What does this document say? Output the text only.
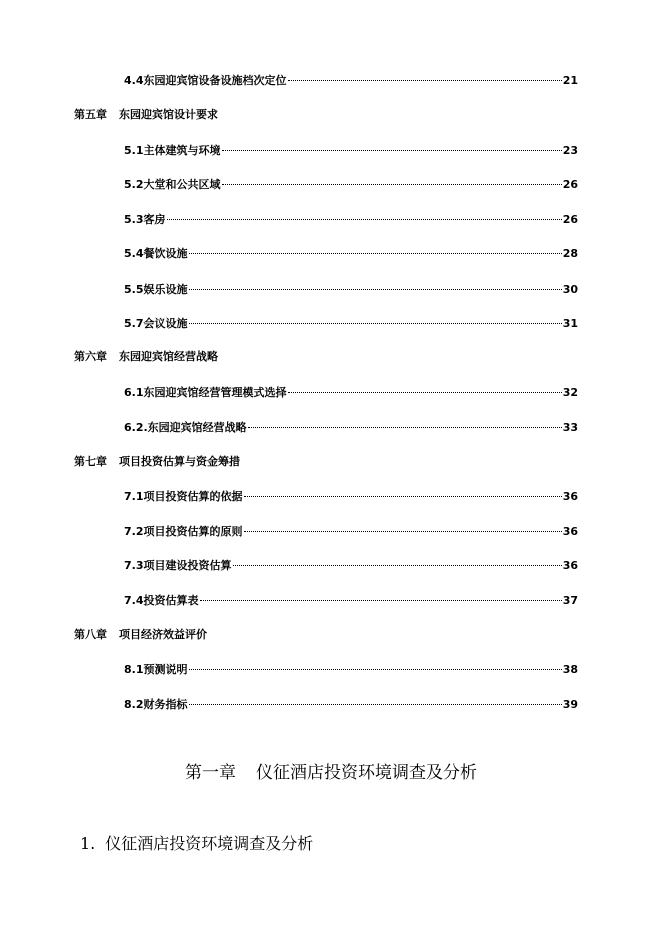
4.4 东园迎宾馆设备设施档次定位	21
第五章 东园迎宾馆设计要求
5.1 主体建筑与环境	23
5.2 大堂和公共区域	26
5.3 客房	26
5.4 餐饮设施	28
5.5 娱乐设施	30
5.7 会议设施	31
第六章 东园迎宾馆经营战略
6.1 东园迎宾馆经营管理模式选择	32
6.2. 东园迎宾馆经营战略	33
第七章 项目投资估算与资金筹措
7.1 项目投资估算的依据	36
7.2 项目投资估算的原则	36
7.3 项目建设投资估算	36
7.4 投资估算表	37
第八章 项目经济效益评价
8.1 预测说明	38
8.2 财务指标	39
第一章 仪征酒店投资环境调查及分析
1. 仪征酒店投资环境调查及分析
